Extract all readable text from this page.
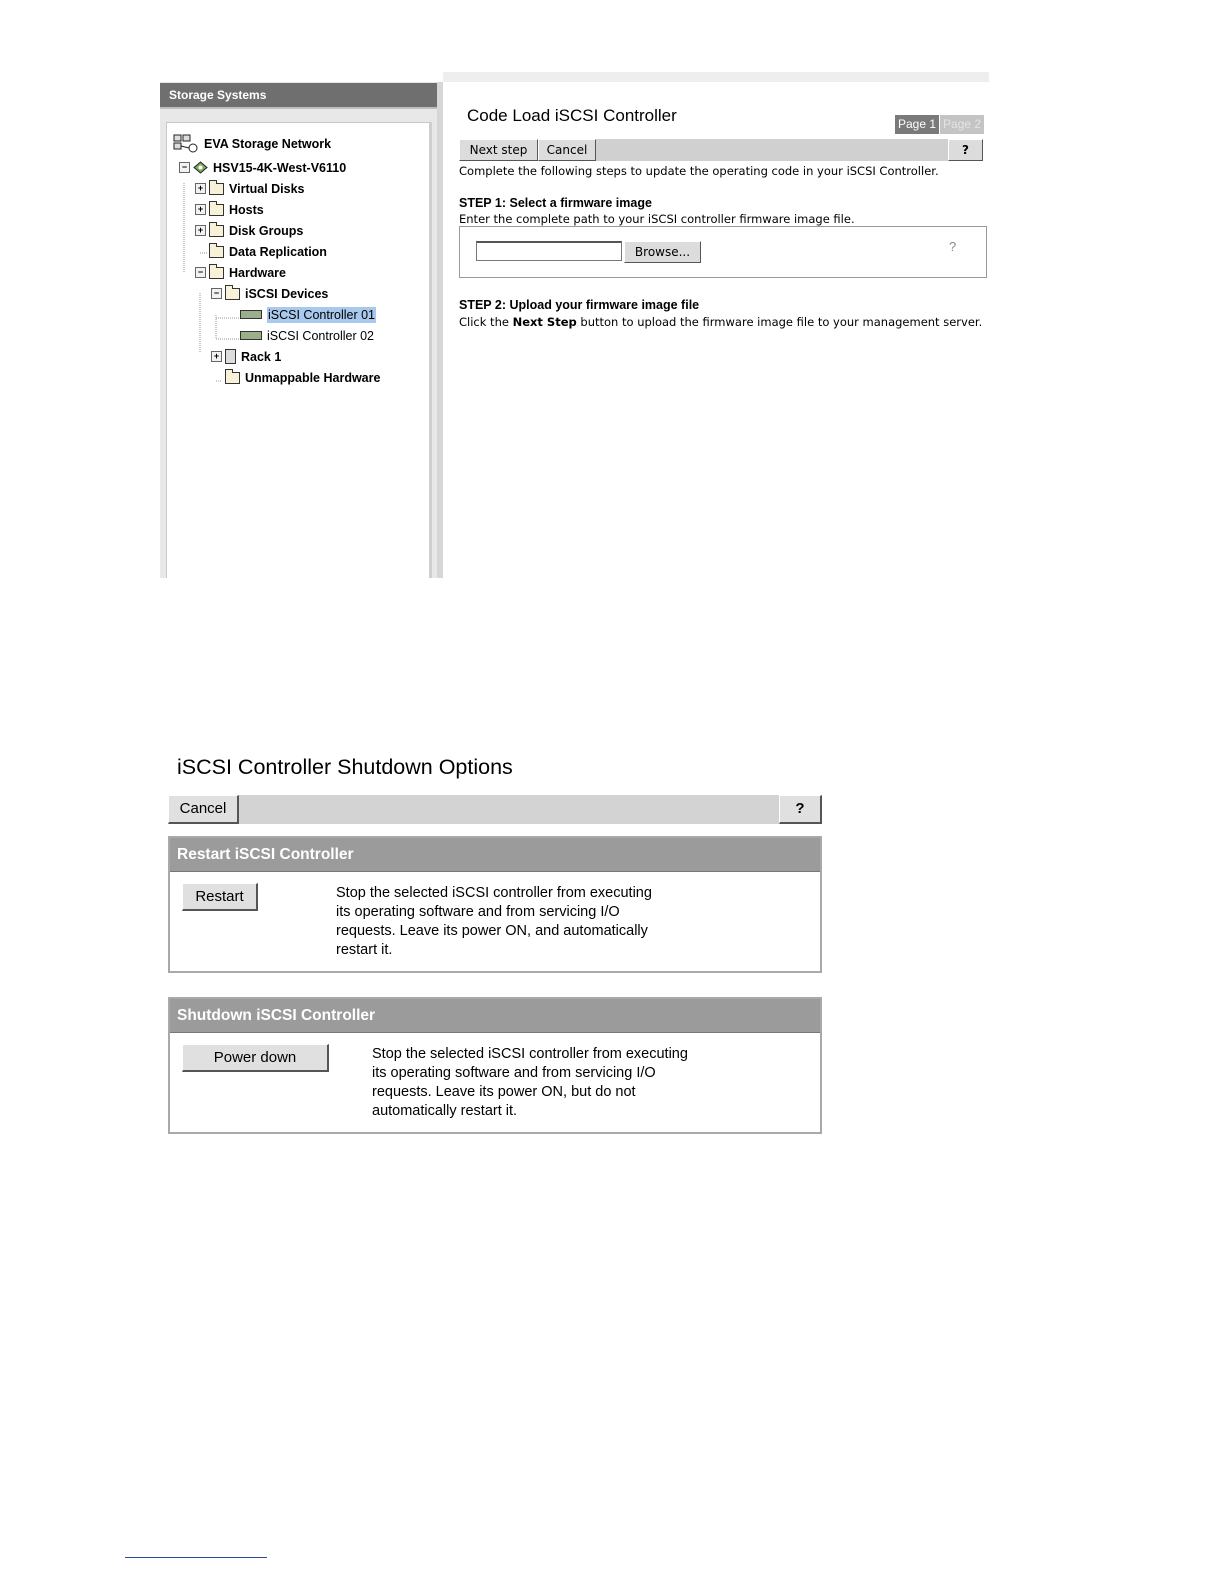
Storage Systems
EVA Storage Network
− HSV15-4K-West-V6110
+ Virtual Disks
+ Hosts
+ Disk Groups
Data Replication
− Hardware
− iSCSI Devices
iSCSI Controller 01
iSCSI Controller 02
+ Rack 1
Unmappable Hardware
Code Load iSCSI Controller	Page 1 Page 2
Next step	Cancel	?
Complete the following steps to update the operating code in your iSCSI Controller.
STEP 1: Select a firmware image
Enter the complete path to your iSCSI controller firmware image file.
Browse...	?
STEP 2: Upload your firmware image file
Click the Next Step button to upload the firmware image file to your management server.
iSCSI Controller Shutdown Options
Cancel	?
Restart iSCSI Controller
Restart	Stop the selected iSCSI controller from executing
its operating software and from servicing I/O
requests. Leave its power ON, and automatically
restart it.
Shutdown iSCSI Controller
Power down	Stop the selected iSCSI controller from executing
its operating software and from servicing I/O
requests. Leave its power ON, but do not
automatically restart it.
